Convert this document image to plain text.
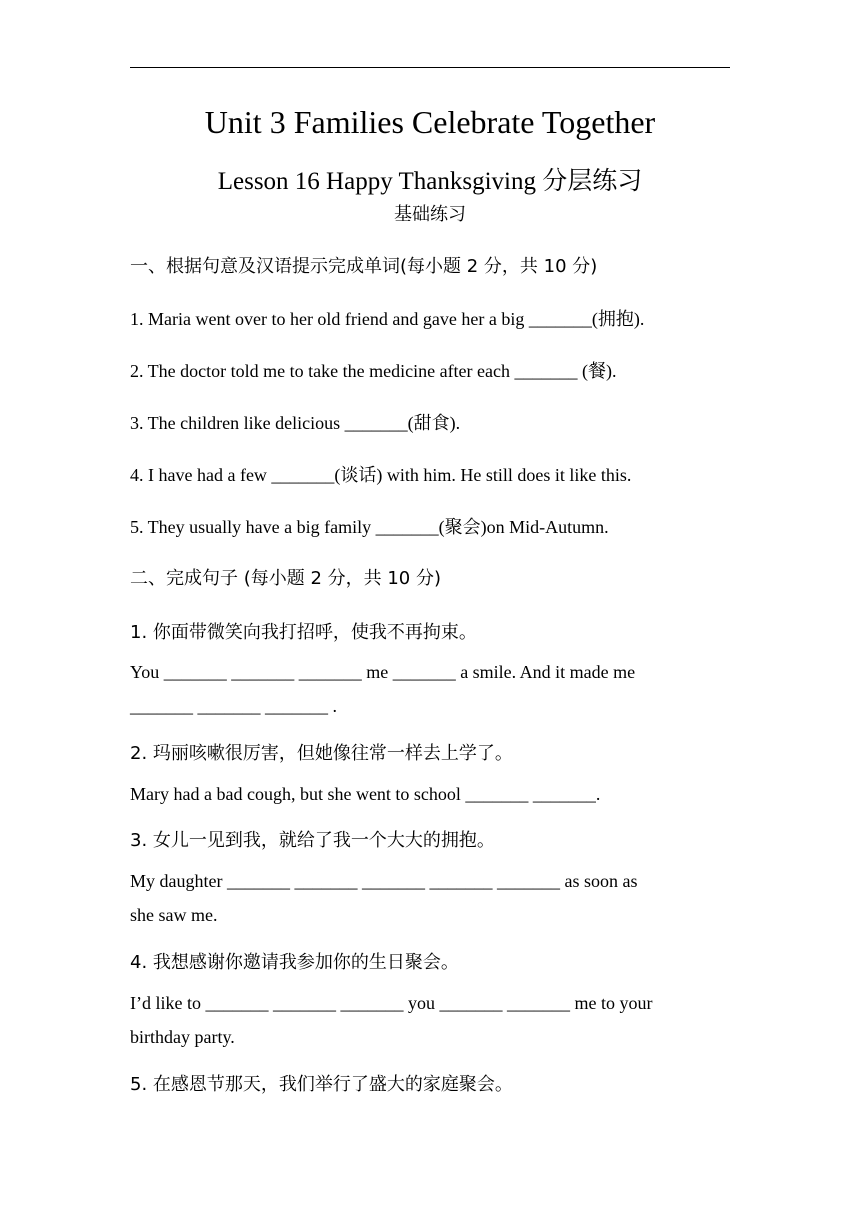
Unit 3 Families Celebrate Together
Lesson 16 Happy Thanksgiving 分层练习
基础练习
一、根据句意及汉语提示完成单词(每小题 2 分，共 10 分)
1. Maria went over to her old friend and gave her a big _______(拥抱).
2. The doctor told me to take the medicine after each _______ (餐).
3. The children like delicious _______(甜食).
4. I have had a few _______(谈话) with him. He still does it like this.
5. They usually have a big family _______(聚会)on Mid-Autumn.
二、完成句子 (每小题 2 分，共 10 分)
1. 你面带微笑向我打招呼，使我不再拘束。
You _______ _______ _______ me _______ a smile. And it made me
_______ _______ _______ .
2. 玛丽咳嗽很厉害，但她像往常一样去上学了。
Mary had a bad cough, but she went to school _______ _______.
3. 女儿一见到我，就给了我一个大大的拥抱。
My daughter _______ _______ _______ _______ _______ as soon as
she saw me.
4. 我想感谢你邀请我参加你的生日聚会。
I’d like to _______ _______ _______ you _______ _______ me to your
birthday party.
5. 在感恩节那天，我们举行了盛大的家庭聚会。
